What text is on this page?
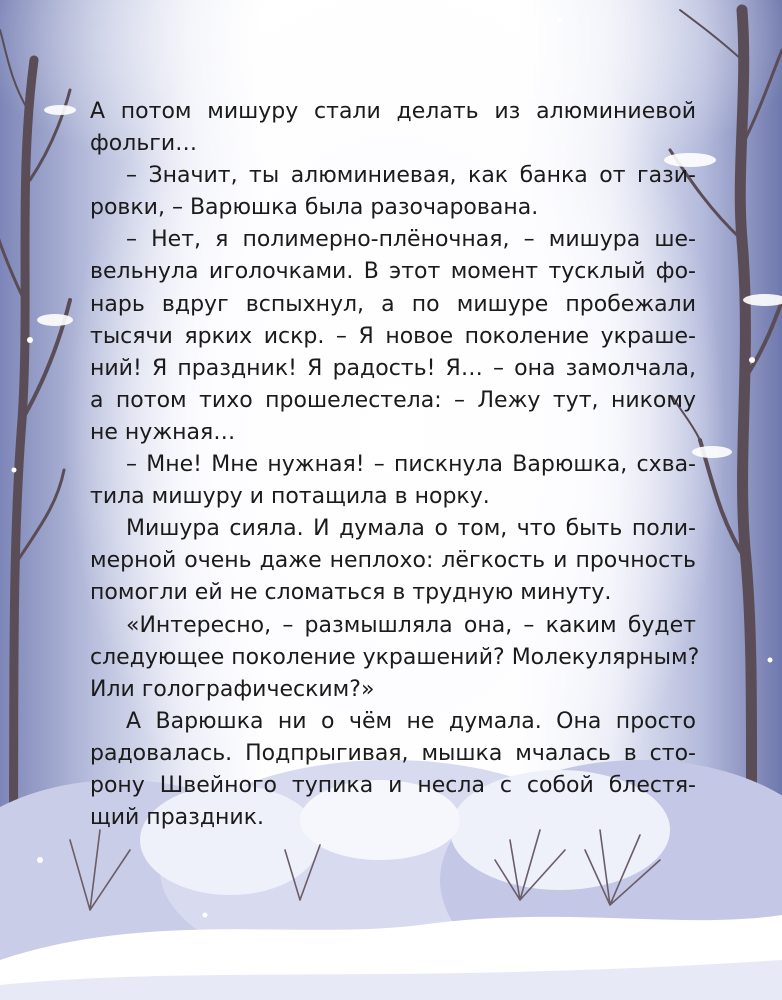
А потом мишуру стали делать из алюминиевой
фольги…
– Значит, ты алюминиевая, как банка от гази-
ровки, – Варюшка была разочарована.
– Нет, я полимерно-плёночная, – мишура ше-
вельнула иголочками. В этот момент тусклый фо-
нарь вдруг вспыхнул, а по мишуре пробежали
тысячи ярких искр. – Я новое поколение украше-
ний! Я праздник! Я радость! Я… – она замолчала,
а потом тихо прошелестела: – Лежу тут, никому
не нужная…
– Мне! Мне нужная! – пискнула Варюшка, схва-
тила мишуру и потащила в норку.
Мишура сияла. И думала о том, что быть поли-
мерной очень даже неплохо: лёгкость и прочность
помогли ей не сломаться в трудную минуту.
«Интересно, – размышляла она, – каким будет
следующее поколение украшений? Молекулярным?
Или голографическим?»
А Варюшка ни о чём не думала. Она просто
радовалась. Подпрыгивая, мышка мчалась в сто-
рону Швейного тупика и несла с собой блестя-
щий праздник.
